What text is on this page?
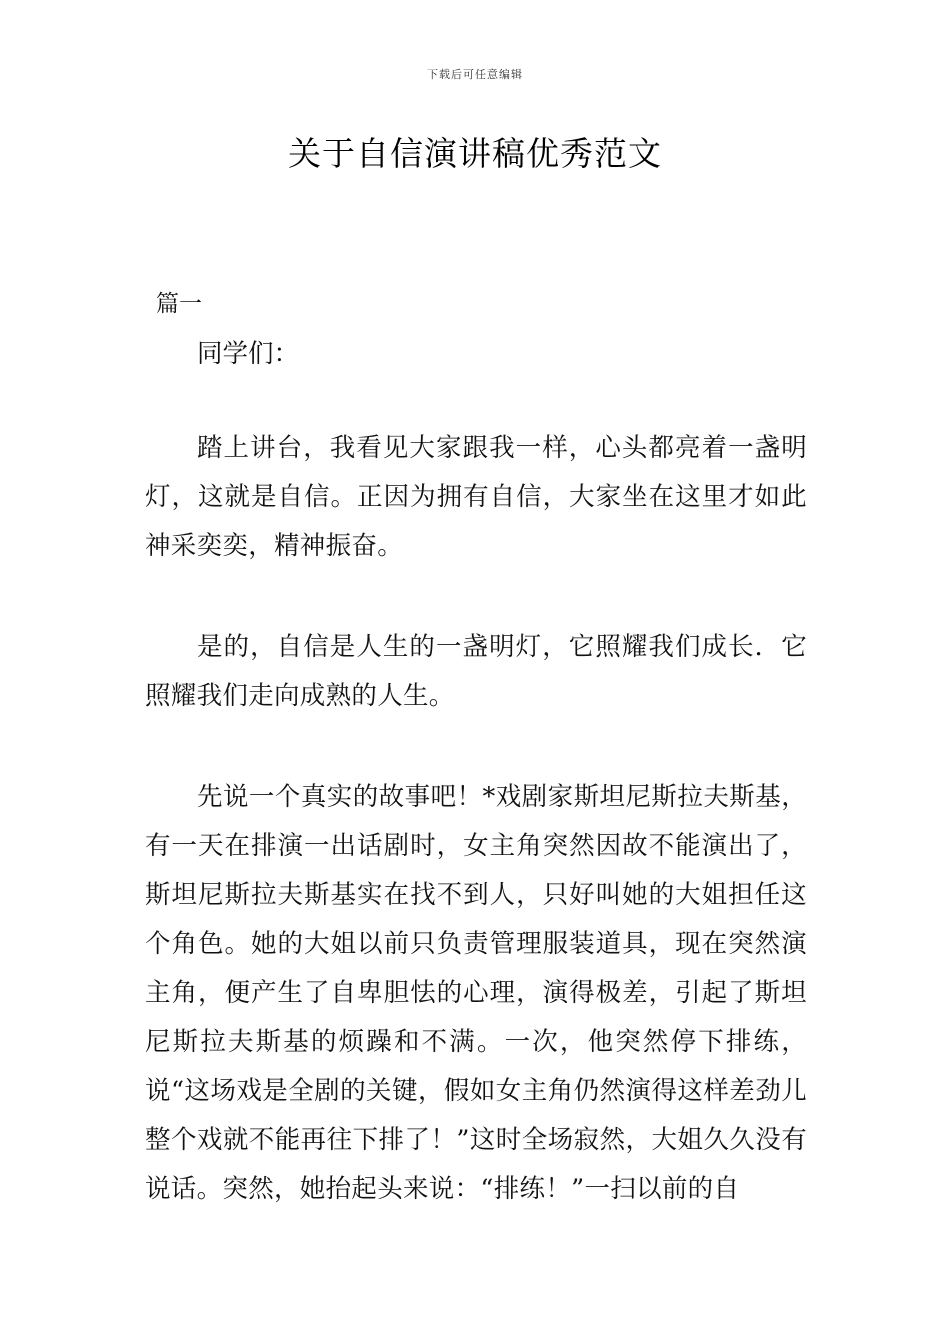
下载后可任意编辑
关于自信演讲稿优秀范文
篇一
同学们：

踏上讲台，我看见大家跟我一样，心头都亮着一盏明灯，这就是自信。正因为拥有自信，大家坐在这里才如此神采奕奕，精神振奋。

是的，自信是人生的一盏明灯，它照耀我们成长．它照耀我们走向成熟的人生。

先说一个真实的故事吧！*戏剧家斯坦尼斯拉夫斯基，有一天在排演一出话剧时，女主角突然因故不能演出了，斯坦尼斯拉夫斯基实在找不到人，只好叫她的大姐担任这个角色。她的大姐以前只负责管理服装道具，现在突然演主角，便产生了自卑胆怯的心理，演得极差，引起了斯坦尼斯拉夫斯基的烦躁和不满。一次，他突然停下排练，说“这场戏是全剧的关键，假如女主角仍然演得这样差劲儿整个戏就不能再往下排了！”这时全场寂然，大姐久久没有说话。突然，她抬起头来说：“排练！”一扫以前的自
